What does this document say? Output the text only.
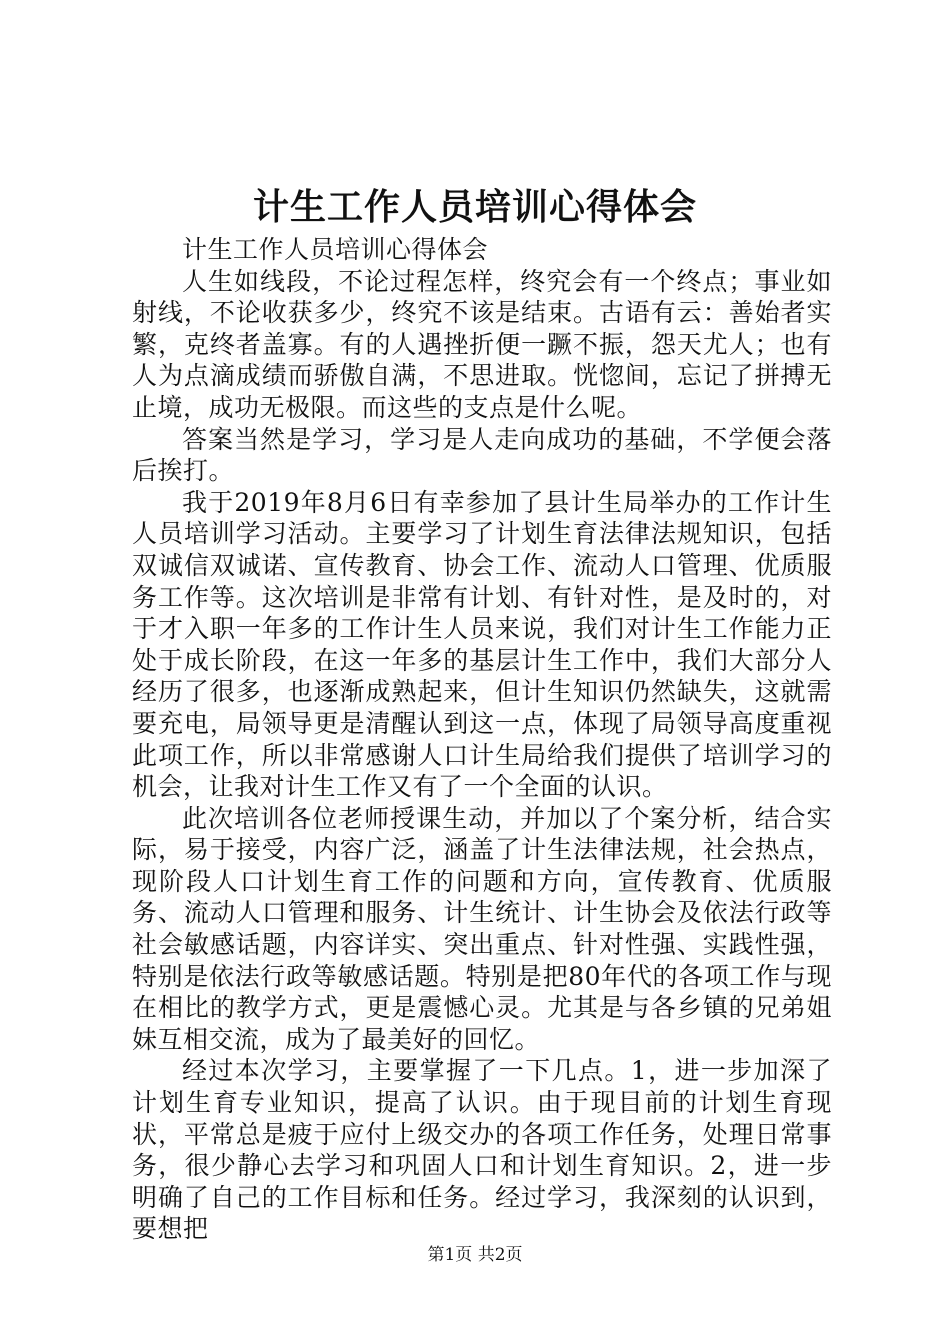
计生工作人员培训心得体会

计生工作人员培训心得体会

人生如线段，不论过程怎样，终究会有一个终点；事业如射线，不论收获多少，终究不该是结束。古语有云：善始者实繁，克终者盖寡。有的人遇挫折便一蹶不振，怨天尤人；也有人为点滴成绩而骄傲自满，不思进取。恍惚间，忘记了拼搏无止境，成功无极限。而这些的支点是什么呢。

答案当然是学习，学习是人走向成功的基础，不学便会落后挨打。

我于2019年8月6日有幸参加了县计生局举办的工作计生人员培训学习活动。主要学习了计划生育法律法规知识，包括双诚信双诚诺、宣传教育、协会工作、流动人口管理、优质服务工作等。这次培训是非常有计划、有针对性，是及时的，对于才入职一年多的工作计生人员来说，我们对计生工作能力正处于成长阶段，在这一年多的基层计生工作中，我们大部分人经历了很多，也逐渐成熟起来，但计生知识仍然缺失，这就需要充电，局领导更是清醒认到这一点，体现了局领导高度重视此项工作，所以非常感谢人口计生局给我们提供了培训学习的机会，让我对计生工作又有了一个全面的认识。

此次培训各位老师授课生动，并加以了个案分析，结合实际，易于接受，内容广泛，涵盖了计生法律法规，社会热点，现阶段人口计划生育工作的问题和方向，宣传教育、优质服务、流动人口管理和服务、计生统计、计生协会及依法行政等社会敏感话题，内容详实、突出重点、针对性强、实践性强，特别是依法行政等敏感话题。特别是把80年代的各项工作与现在相比的教学方式，更是震憾心灵。尤其是与各乡镇的兄弟姐妹互相交流，成为了最美好的回忆。

经过本次学习，主要掌握了一下几点。1，进一步加深了计划生育专业知识，提高了认识。由于现目前的计划生育现状，平常总是疲于应付上级交办的各项工作任务，处理日常事务，很少静心去学习和巩固人口和计划生育知识。2，进一步明确了自己的工作目标和任务。经过学习，我深刻的认识到，要想把

第1页 共2页
